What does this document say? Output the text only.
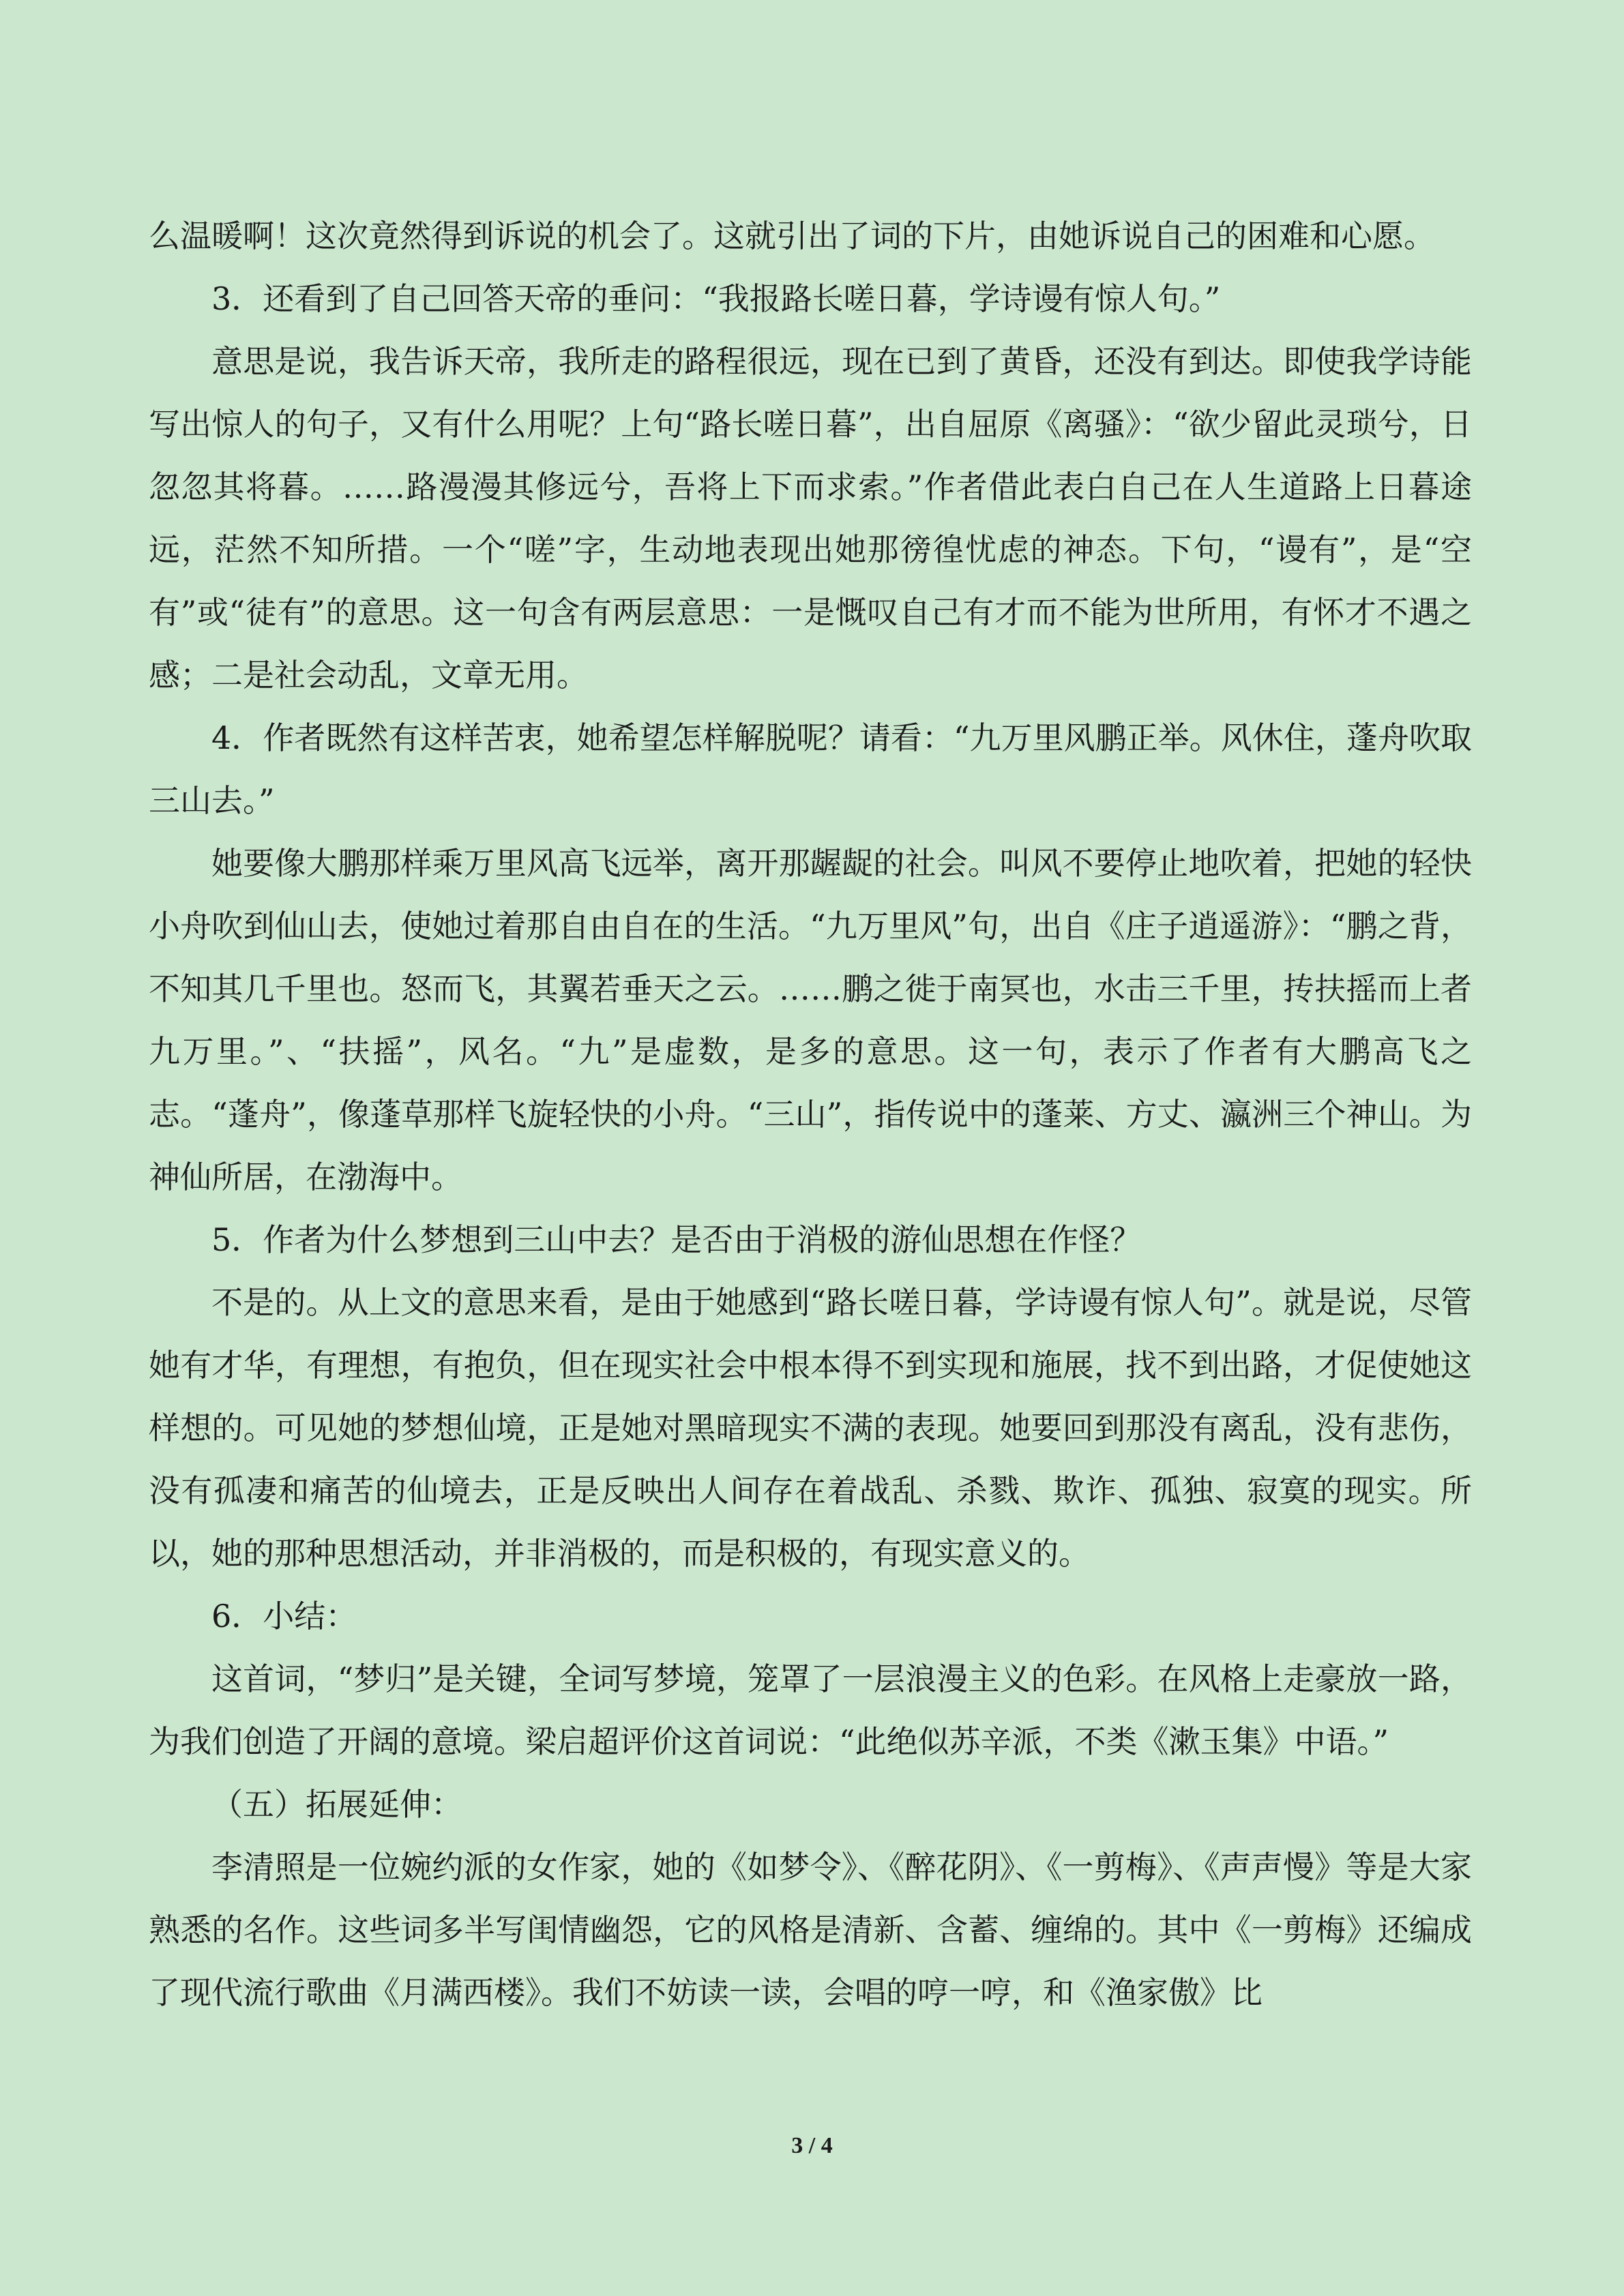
么温暖啊！这次竟然得到诉说的机会了。这就引出了词的下片，由她诉说自己的困难和心愿。

3．还看到了自己回答天帝的垂问：“我报路长嗟日暮，学诗谩有惊人句。”

意思是说，我告诉天帝，我所走的路程很远，现在已到了黄昏，还没有到达。即使我学诗能写出惊人的句子，又有什么用呢？上句“路长嗟日暮”，出自屈原《离骚》：“欲少留此灵琐兮，日忽忽其将暮。……路漫漫其修远兮，吾将上下而求索。”作者借此表白自己在人生道路上日暮途远，茫然不知所措。一个“嗟”字，生动地表现出她那徬徨忧虑的神态。下句，“谩有”，是“空有”或“徒有”的意思。这一句含有两层意思：一是慨叹自己有才而不能为世所用，有怀才不遇之感；二是社会动乱，文章无用。

4．作者既然有这样苦衷，她希望怎样解脱呢？请看：“九万里风鹏正举。风休住，蓬舟吹取三山去。”

她要像大鹏那样乘万里风高飞远举，离开那龌龊的社会。叫风不要停止地吹着，把她的轻快小舟吹到仙山去，使她过着那自由自在的生活。“九万里风”句，出自《庄子逍遥游》：“鹏之背，不知其几千里也。怒而飞，其翼若垂天之云。……鹏之徙于南冥也，水击三千里，抟扶摇而上者九万里。”、“扶摇”，风名。“九”是虚数，是多的意思。这一句，表示了作者有大鹏高飞之志。“蓬舟”，像蓬草那样飞旋轻快的小舟。“三山”，指传说中的蓬莱、方丈、瀛洲三个神山。为神仙所居，在渤海中。

5．作者为什么梦想到三山中去？是否由于消极的游仙思想在作怪？

不是的。从上文的意思来看，是由于她感到“路长嗟日暮，学诗谩有惊人句”。就是说，尽管她有才华，有理想，有抱负，但在现实社会中根本得不到实现和施展，找不到出路，才促使她这样想的。可见她的梦想仙境，正是她对黑暗现实不满的表现。她要回到那没有离乱，没有悲伤，没有孤凄和痛苦的仙境去，正是反映出人间存在着战乱、杀戮、欺诈、孤独、寂寞的现实。所以，她的那种思想活动，并非消极的，而是积极的，有现实意义的。

6．小结：

这首词，“梦归”是关键，全词写梦境，笼罩了一层浪漫主义的色彩。在风格上走豪放一路，为我们创造了开阔的意境。梁启超评价这首词说：“此绝似苏辛派，不类《漱玉集》中语。”

（五）拓展延伸：

李清照是一位婉约派的女作家，她的《如梦令》、《醉花阴》、《一剪梅》、《声声慢》等是大家熟悉的名作。这些词多半写闺情幽怨，它的风格是清新、含蓄、缠绵的。其中《一剪梅》还编成了现代流行歌曲《月满西楼》。我们不妨读一读，会唱的哼一哼，和《渔家傲》比

3 / 4
